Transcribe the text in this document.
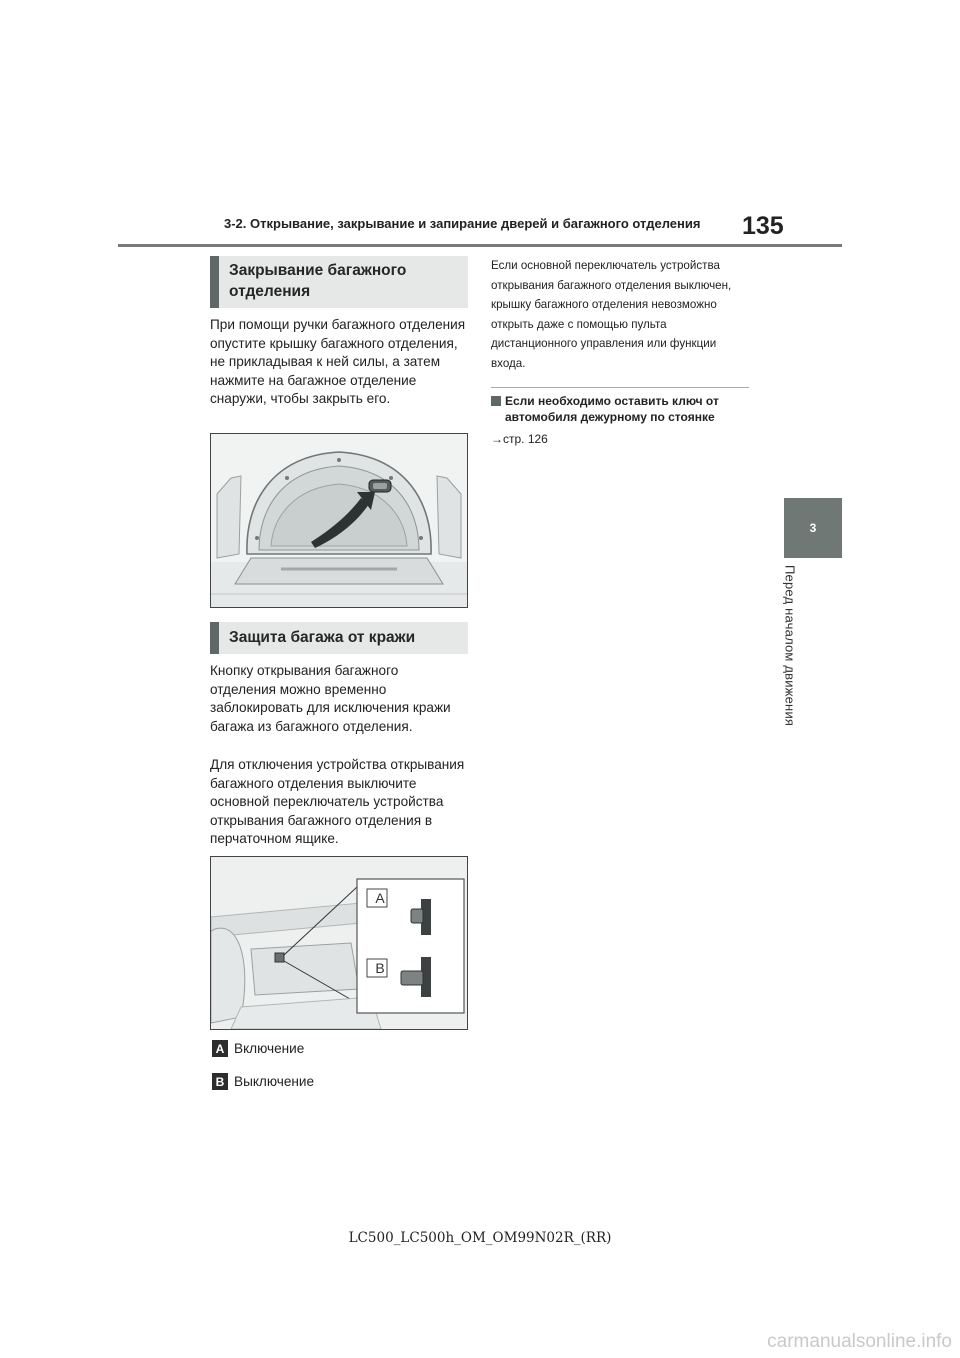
3-2. Открывание, закрывание и запирание дверей и багажного отделения 135
3
Перед началом движения
Закрывание багажного отделения
При помощи ручки багажного отделения опустите крышку багажного отделения, не прикладывая к ней силы, а затем нажмите на багажное отделение снаружи, чтобы закрыть его.
Защита багажа от кражи
Кнопку открывания багажного отделения можно временно заблокировать для исключения кражи багажа из багажного отделения.
Для отключения устройства открывания багажного отделения выключите основной переключатель устройства открывания багажного отделения в перчаточном ящике.
A
B
A Включение
B Выключение
Если основной переключатель устройства открывания багажного отделения выключен, крышку багажного отделения невозможно открыть даже с помощью пульта дистанционного управления или функции входа.
Если необходимо оставить ключ от автомобиля дежурному по стоянке
→стр. 126
LC500_LC500h_OM_OM99N02R_(RR)
carmanualsonline.info
